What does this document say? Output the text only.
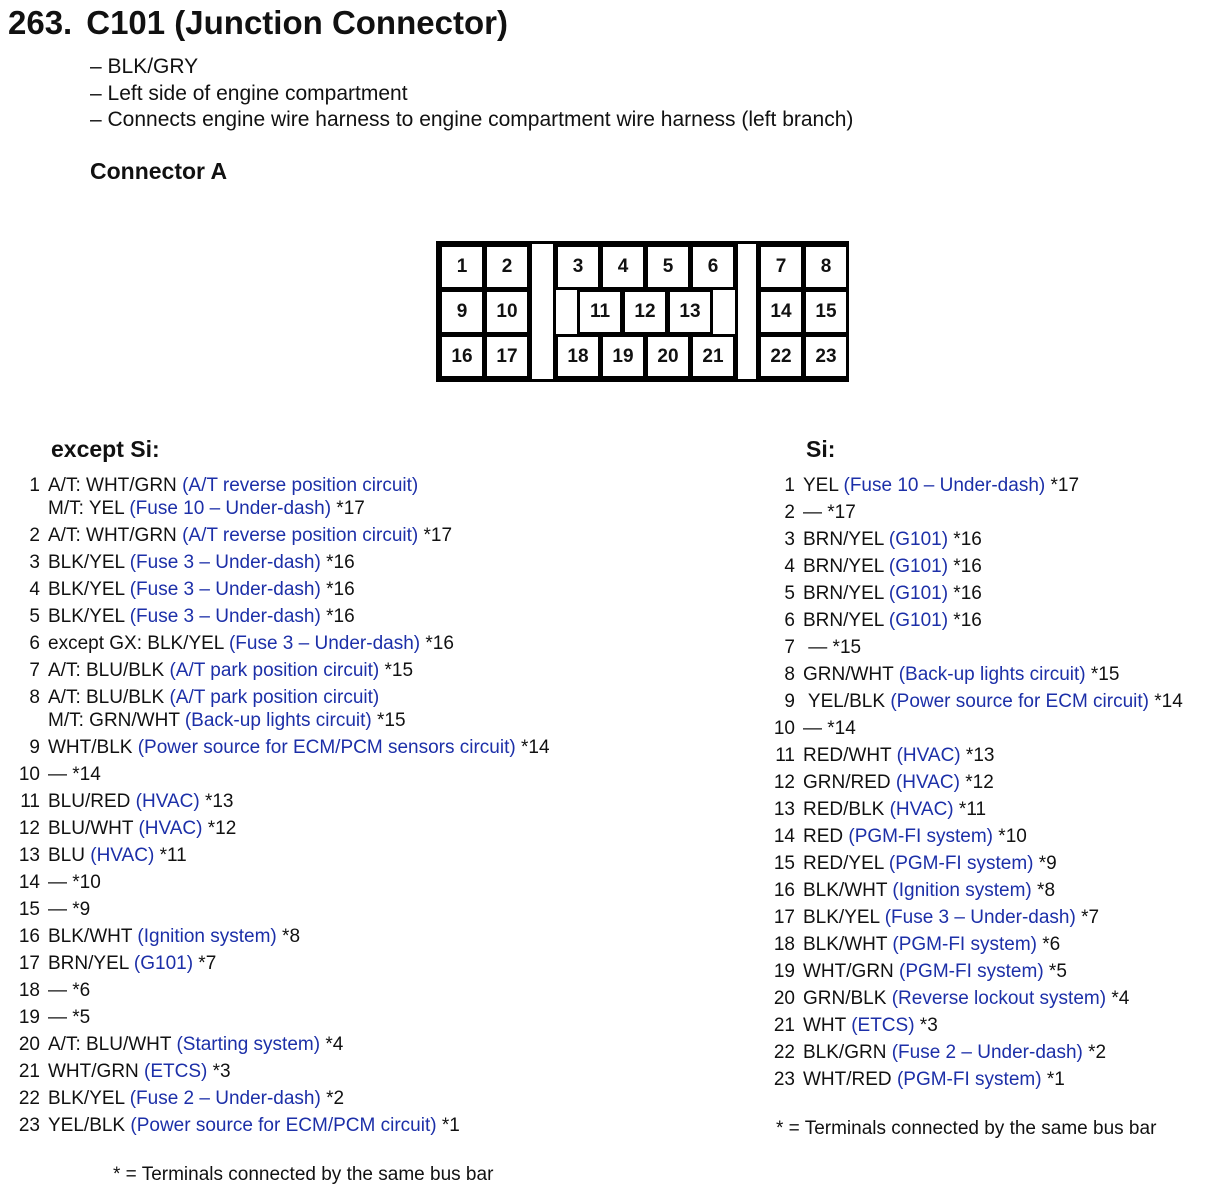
263. C101 (Junction Connector)
– BLK/GRY
– Left side of engine compartment
– Connects engine wire harness to engine compartment wire harness (left branch)
Connector A
1	2	3	4	5	6	7	8
9	10	11	12	13	14	15
16	17	18	19	20	21	22	23
except Si:
1 A/T: WHT/GRN (A/T reverse position circuit)
M/T: YEL (Fuse 10 – Under-dash) *17
2 A/T: WHT/GRN (A/T reverse position circuit) *17
3 BLK/YEL (Fuse 3 – Under-dash) *16
4 BLK/YEL (Fuse 3 – Under-dash) *16
5 BLK/YEL (Fuse 3 – Under-dash) *16
6 except GX: BLK/YEL (Fuse 3 – Under-dash) *16
7 A/T: BLU/BLK (A/T park position circuit) *15
8 A/T: BLU/BLK (A/T park position circuit)
M/T: GRN/WHT (Back-up lights circuit) *15
9 WHT/BLK (Power source for ECM/PCM sensors circuit) *14
10 — *14
11 BLU/RED (HVAC) *13
12 BLU/WHT (HVAC) *12
13 BLU (HVAC) *11
14 — *10
15 — *9
16 BLK/WHT (Ignition system) *8
17 BRN/YEL (G101) *7
18 — *6
19 — *5
20 A/T: BLU/WHT (Starting system) *4
21 WHT/GRN (ETCS) *3
22 BLK/YEL (Fuse 2 – Under-dash) *2
23 YEL/BLK (Power source for ECM/PCM circuit) *1
* = Terminals connected by the same bus bar
Si:
1 YEL (Fuse 10 – Under-dash) *17
2 — *17
3 BRN/YEL (G101) *16
4 BRN/YEL (G101) *16
5 BRN/YEL (G101) *16
6 BRN/YEL (G101) *16
7 — *15
8 GRN/WHT (Back-up lights circuit) *15
9 YEL/BLK (Power source for ECM circuit) *14
10 — *14
11 RED/WHT (HVAC) *13
12 GRN/RED (HVAC) *12
13 RED/BLK (HVAC) *11
14 RED (PGM-FI system) *10
15 RED/YEL (PGM-FI system) *9
16 BLK/WHT (Ignition system) *8
17 BLK/YEL (Fuse 3 – Under-dash) *7
18 BLK/WHT (PGM-FI system) *6
19 WHT/GRN (PGM-FI system) *5
20 GRN/BLK (Reverse lockout system) *4
21 WHT (ETCS) *3
22 BLK/GRN (Fuse 2 – Under-dash) *2
23 WHT/RED (PGM-FI system) *1
* = Terminals connected by the same bus bar
